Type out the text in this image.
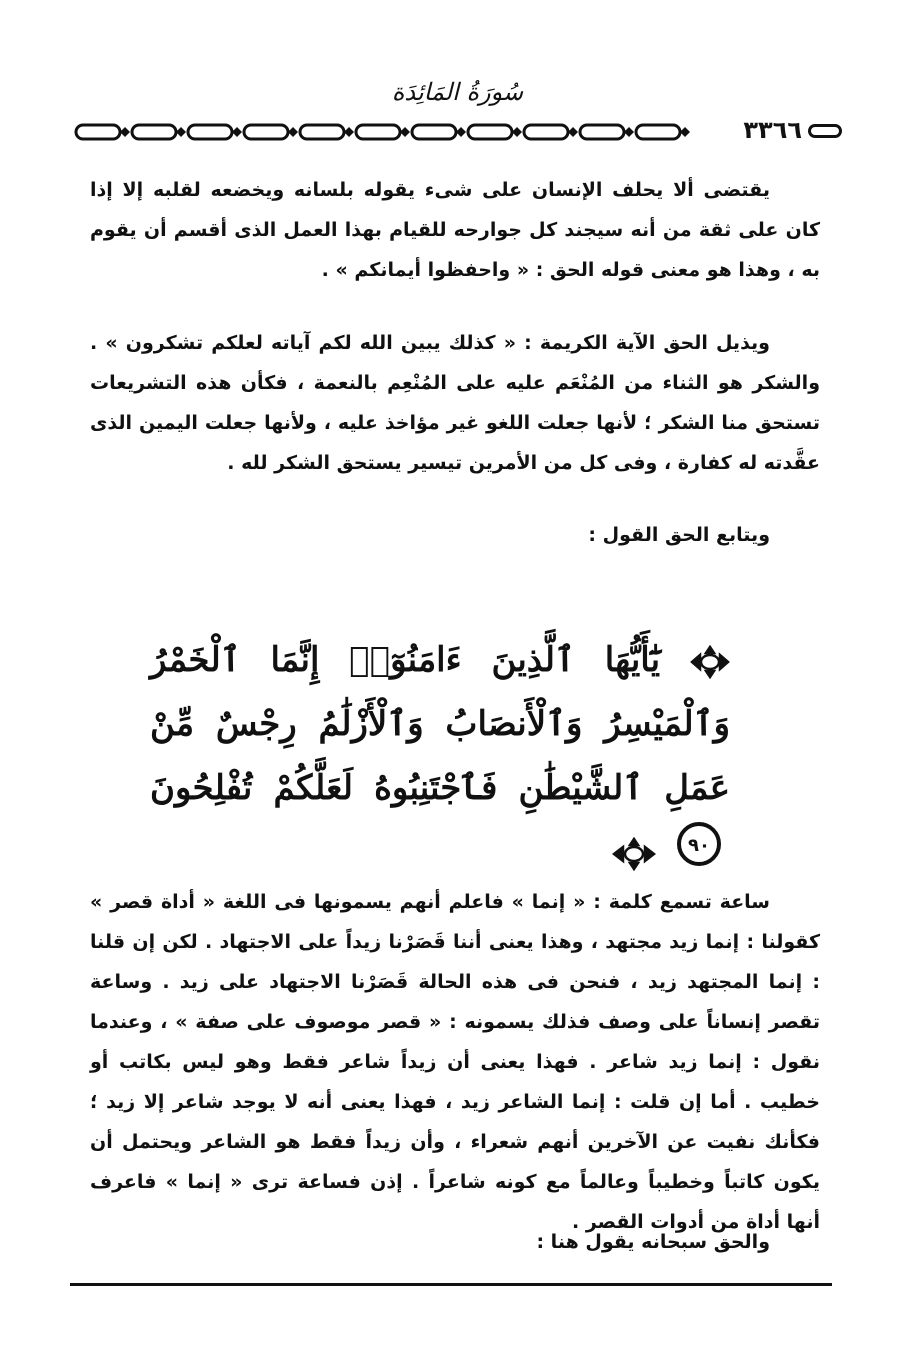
سُورَةُ المَائِدَة
٣٣٦٦

يقتضى ألا يحلف الإنسان على شىء يقوله بلسانه ويخضعه لقلبه إلا إذا كان على ثقة من أنه سيجند كل جوارحه للقيام بهذا العمل الذى أقسم أن يقوم به ، وهذا هو معنى قوله الحق : « واحفظوا أيمانكم » .

ويذيل الحق الآية الكريمة : « كذلك يبين الله لكم آياته لعلكم تشكرون » . والشكر هو الثناء من المُنْعَم عليه على المُنْعِم بالنعمة ، فكأن هذه التشريعات تستحق منا الشكر ؛ لأنها جعلت اللغو غير مؤاخذ عليه ، ولأنها جعلت اليمين الذى عقَّدته له كفارة ، وفى كل من الأمرين تيسير يستحق الشكر لله .

ويتابع الحق القول :

يَٰٓأَيُّهَا ٱلَّذِينَ ءَامَنُوٓا۟ إِنَّمَا ٱلْخَمْرُ وَٱلْمَيْسِرُ وَٱلْأَنصَابُ وَٱلْأَزْلَٰمُ رِجْسٌ مِّنْ عَمَلِ ٱلشَّيْطَٰنِ فَٱجْتَنِبُوهُ لَعَلَّكُمْ تُفْلِحُونَ
٩٠

ساعة تسمع كلمة : « إنما » فاعلم أنهم يسمونها فى اللغة « أداة قصر » كقولنا : إنما زيد مجتهد ، وهذا يعنى أننا قَصَرْنا زيداً على الاجتهاد . لكن إن قلنا : إنما المجتهد زيد ، فنحن فى هذه الحالة قَصَرْنا الاجتهاد على زيد . وساعة تقصر إنساناً على وصف فذلك يسمونه : « قصر موصوف على صفة » ، وعندما نقول : إنما زيد شاعر . فهذا يعنى أن زيداً شاعر فقط وهو ليس بكاتب أو خطيب . أما إن قلت : إنما الشاعر زيد ، فهذا يعنى أنه لا يوجد شاعر إلا زيد ؛ فكأنك نفيت عن الآخرين أنهم شعراء ، وأن زيداً فقط هو الشاعر ويحتمل أن يكون كاتباً وخطيباً وعالماً مع كونه شاعراً . إذن فساعة ترى « إنما » فاعرف أنها أداة من أدوات القصر .

والحق سبحانه يقول هنا :
